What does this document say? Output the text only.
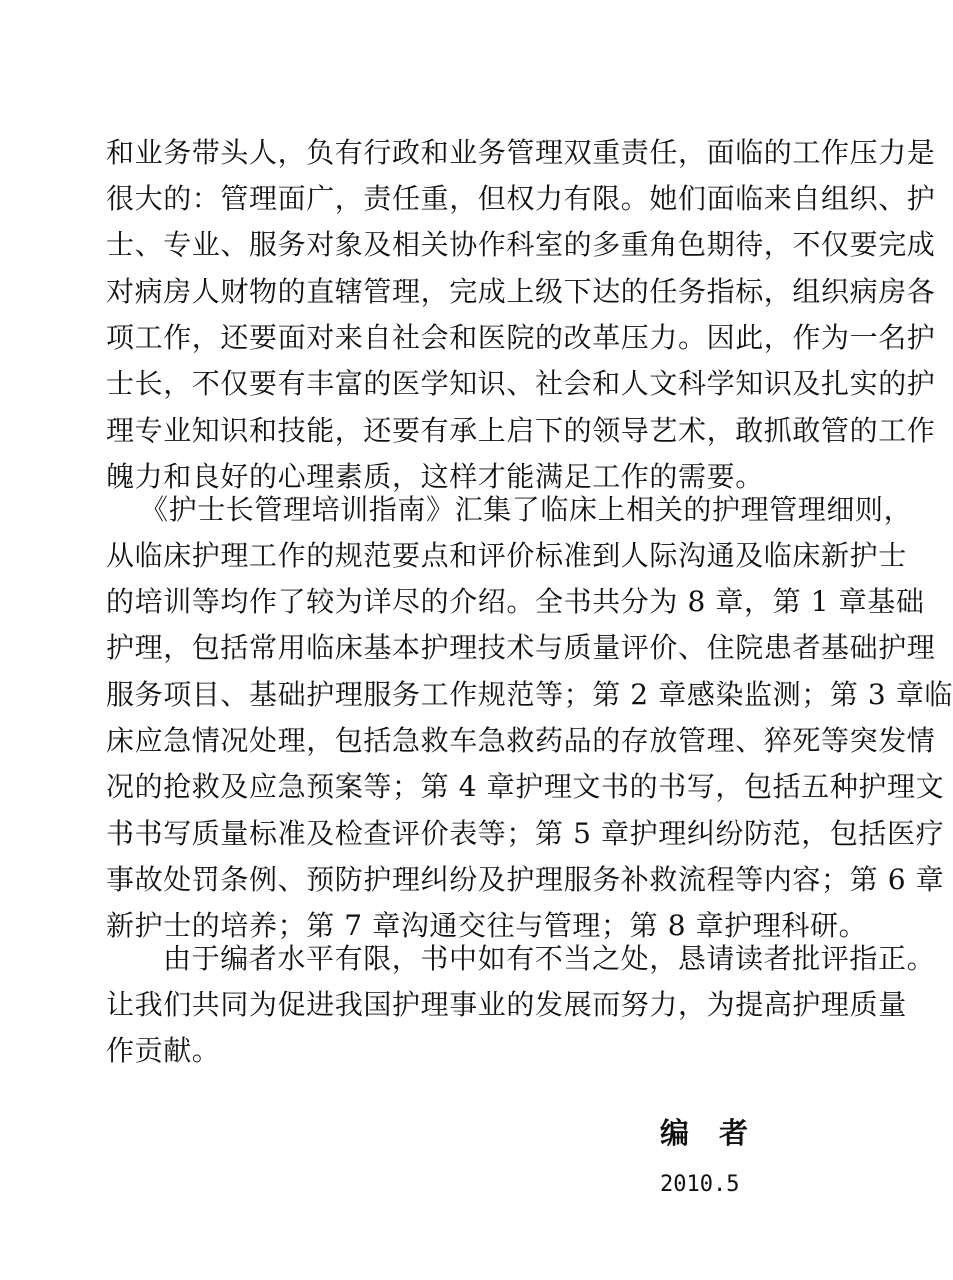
和业务带头人，负有行政和业务管理双重责任，面临的工作压力是
很大的：管理面广，责任重，但权力有限。她们面临来自组织、护
士、专业、服务对象及相关协作科室的多重角色期待，不仅要完成
对病房人财物的直辖管理，完成上级下达的任务指标，组织病房各
项工作，还要面对来自社会和医院的改革压力。因此，作为一名护
士长，不仅要有丰富的医学知识、社会和人文科学知识及扎实的护
理专业知识和技能，还要有承上启下的领导艺术，敢抓敢管的工作
魄力和良好的心理素质，这样才能满足工作的需要。
《护士长管理培训指南》汇集了临床上相关的护理管理细则，
从临床护理工作的规范要点和评价标准到人际沟通及临床新护士
的培训等均作了较为详尽的介绍。全书共分为 8 章，第 1 章基础
护理，包括常用临床基本护理技术与质量评价、住院患者基础护理
服务项目、基础护理服务工作规范等；第 2 章感染监测；第 3 章临
床应急情况处理，包括急救车急救药品的存放管理、猝死等突发情
况的抢救及应急预案等；第 4 章护理文书的书写，包括五种护理文
书书写质量标准及检查评价表等；第 5 章护理纠纷防范，包括医疗
事故处罚条例、预防护理纠纷及护理服务补救流程等内容；第 6 章
新护士的培养；第 7 章沟通交往与管理；第 8 章护理科研。
由于编者水平有限，书中如有不当之处，恳请读者批评指正。
让我们共同为促进我国护理事业的发展而努力，为提高护理质量
作贡献。
编者
2010.5
